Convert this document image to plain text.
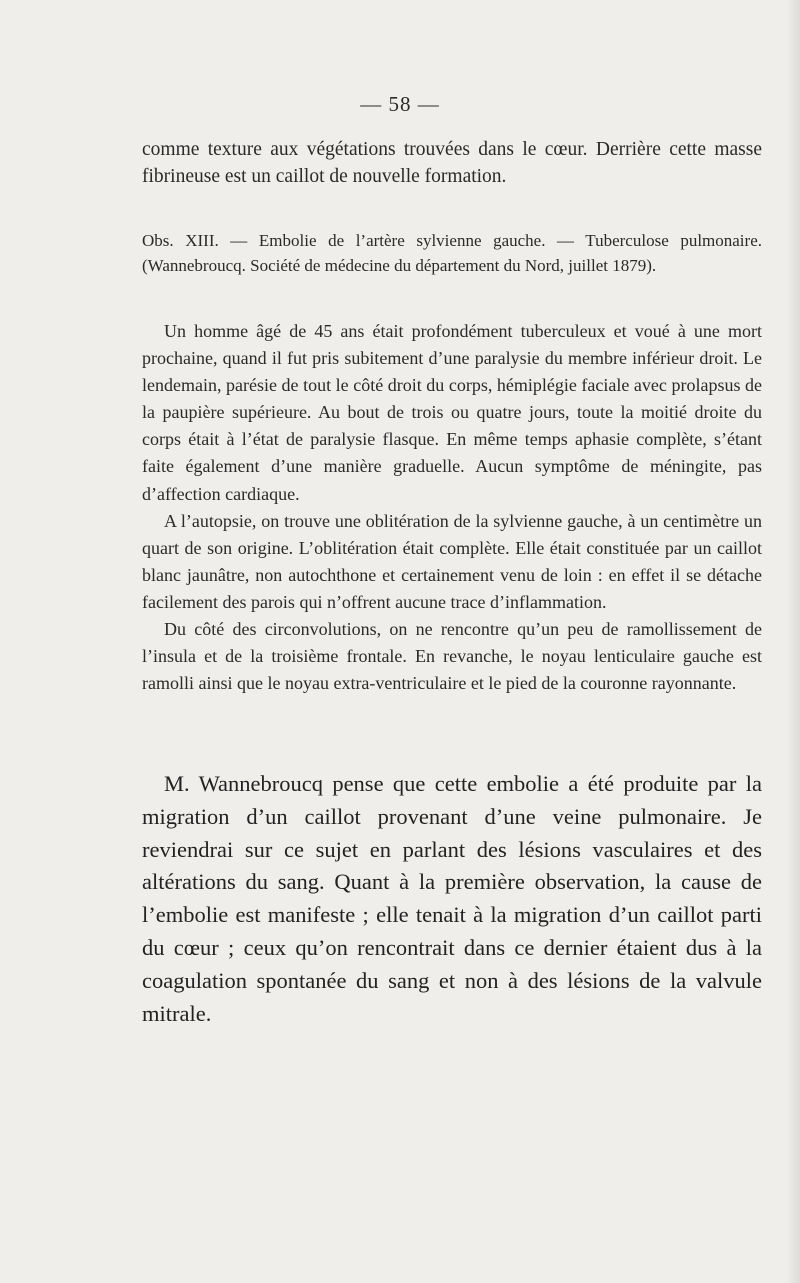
— 58 —

comme texture aux végétations trouvées dans le cœur. Derrière cette masse fibrineuse est un caillot de nouvelle formation.

Obs. XIII. — Embolie de l’artère sylvienne gauche. — Tuberculose pulmonaire. (Wannebroucq. Société de médecine du département du Nord, juillet 1879).

Un homme âgé de 45 ans était profondément tuberculeux et voué à une mort prochaine, quand il fut pris subitement d’une paralysie du membre inférieur droit. Le lendemain, parésie de tout le côté droit du corps, hémiplégie faciale avec prolapsus de la paupière supérieure. Au bout de trois ou quatre jours, toute la moitié droite du corps était à l’état de paralysie flasque. En même temps aphasie complète, s’étant faite également d’une manière graduelle. Aucun symptôme de méningite, pas d’affection cardiaque.
A l’autopsie, on trouve une oblitération de la sylvienne gauche, à un centimètre un quart de son origine. L’oblitération était complète. Elle était constituée par un caillot blanc jaunâtre, non autochthone et certainement venu de loin : en effet il se détache facilement des parois qui n’offrent aucune trace d’inflammation.
Du côté des circonvolutions, on ne rencontre qu’un peu de ramollissement de l’insula et de la troisième frontale. En revanche, le noyau lenticulaire gauche est ramolli ainsi que le noyau extra-ventriculaire et le pied de la couronne rayonnante.

M. Wannebroucq pense que cette embolie a été produite par la migration d’un caillot provenant d’une veine pulmonaire. Je reviendrai sur ce sujet en parlant des lésions vasculaires et des altérations du sang. Quant à la première observation, la cause de l’embolie est manifeste ; elle tenait à la migration d’un caillot parti du cœur ; ceux qu’on rencontrait dans ce dernier étaient dus à la coagulation spontanée du sang et non à des lésions de la valvule mitrale.
